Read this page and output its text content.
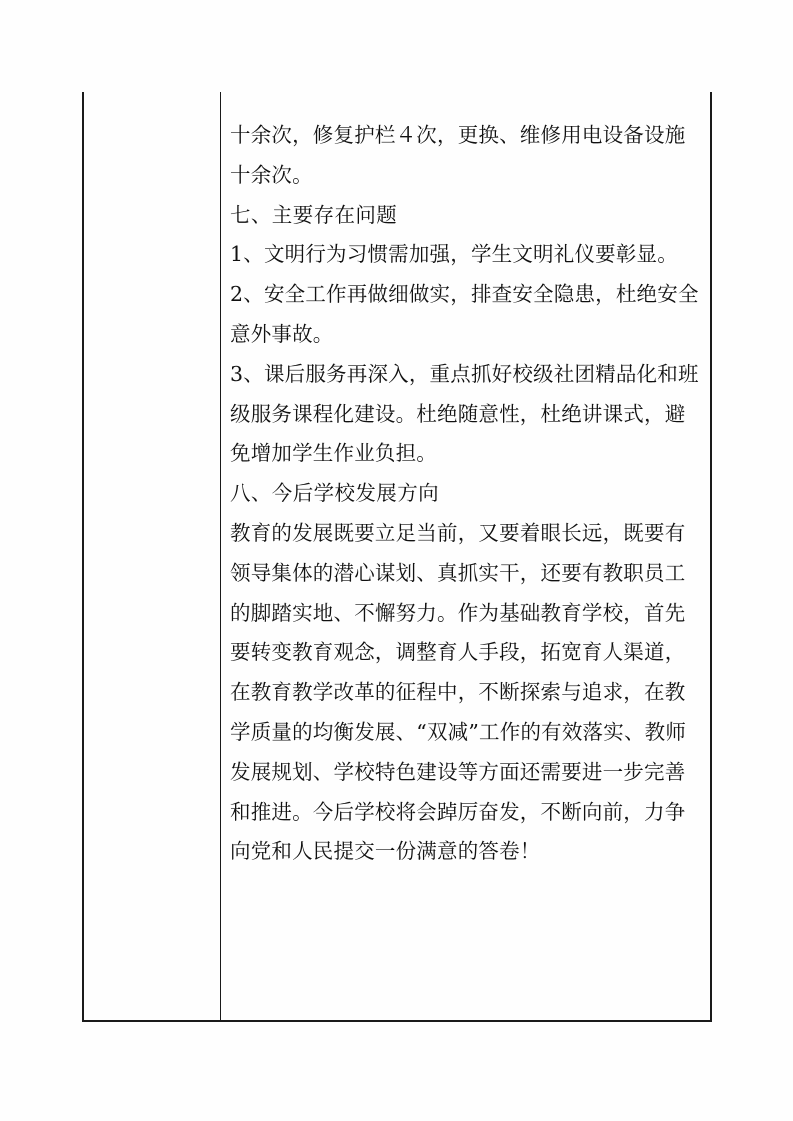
十余次，修复护栏４次，更换、维修用电设备设施
十余次。
七、主要存在问题
1、文明行为习惯需加强，学生文明礼仪要彰显。
2、安全工作再做细做实，排查安全隐患，杜绝安全
意外事故。
3、课后服务再深入，重点抓好校级社团精品化和班
级服务课程化建设。杜绝随意性，杜绝讲课式，避
免增加学生作业负担。
八、今后学校发展方向
教育的发展既要立足当前，又要着眼长远，既要有
领导集体的潜心谋划、真抓实干，还要有教职员工
的脚踏实地、不懈努力。作为基础教育学校，首先
要转变教育观念，调整育人手段，拓宽育人渠道，
在教育教学改革的征程中，不断探索与追求，在教
学质量的均衡发展、“双减”工作的有效落实、教师
发展规划、学校特色建设等方面还需要进一步完善
和推进。今后学校将会踔厉奋发，不断向前，力争
向党和人民提交一份满意的答卷！
